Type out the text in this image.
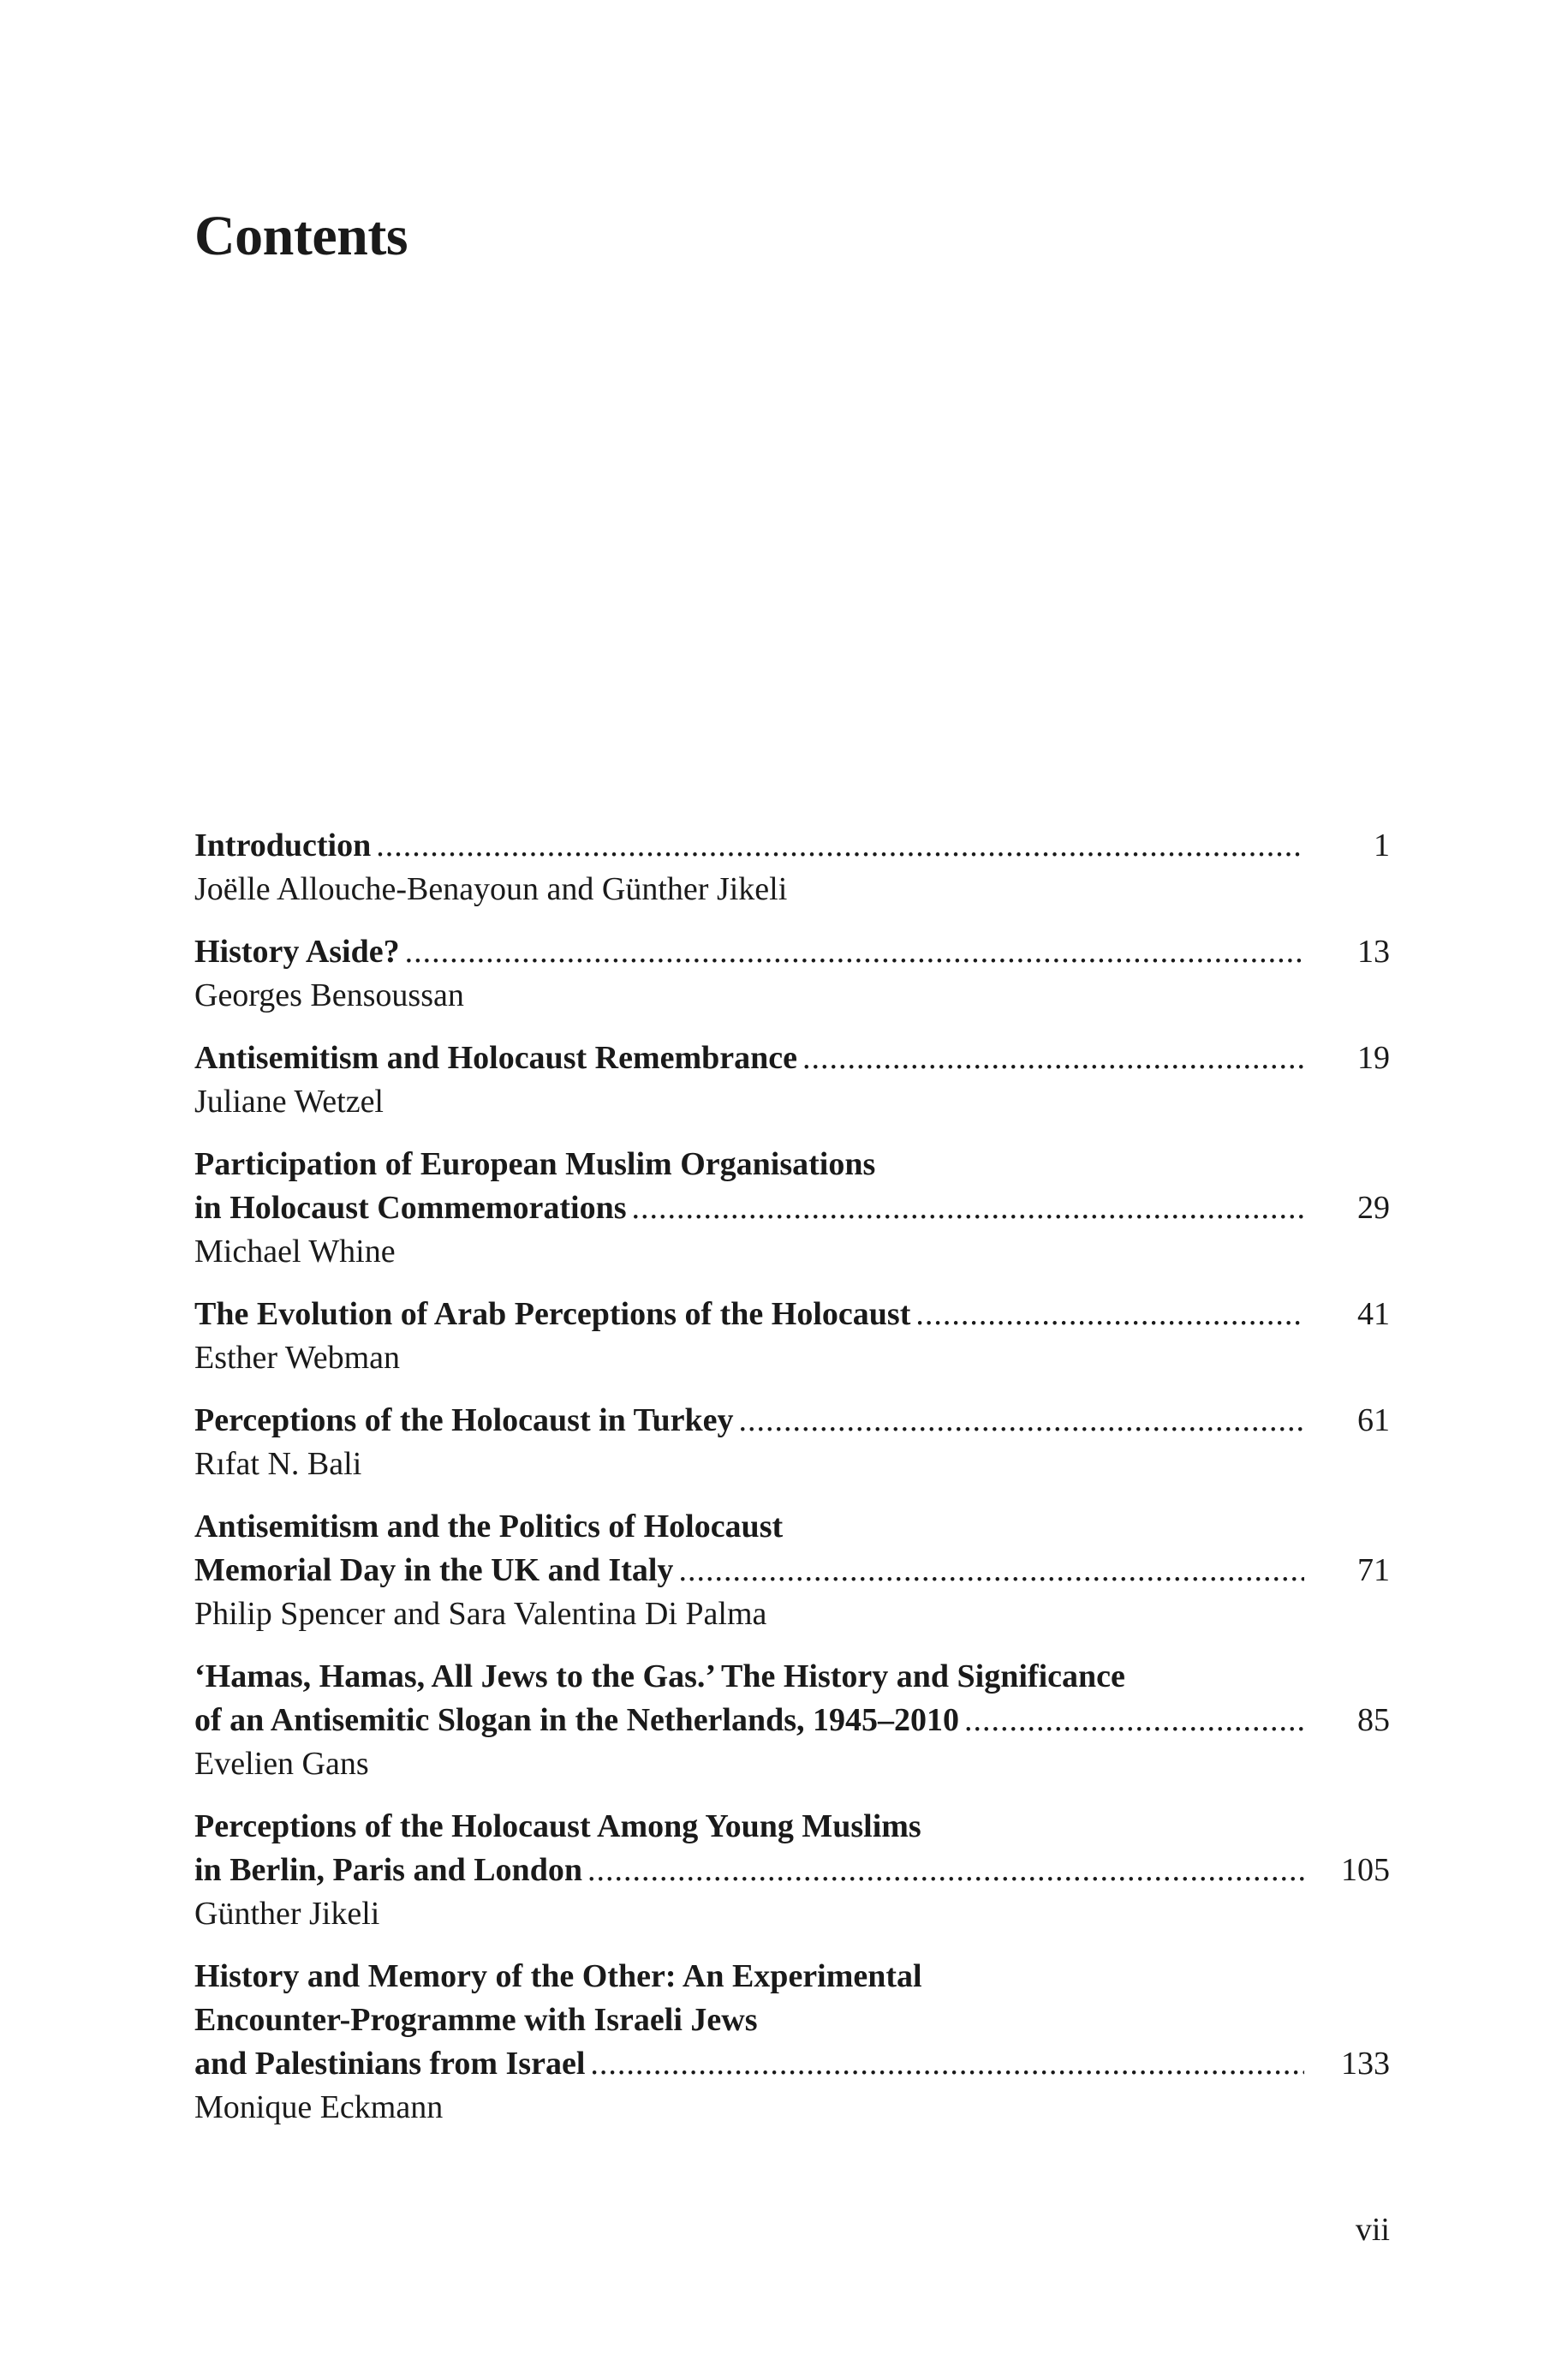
Contents
Introduction .....	1
Joëlle Allouche-Benayoun and Günther Jikeli
History Aside? .....	13
Georges Bensoussan
Antisemitism and Holocaust Remembrance .....	19
Juliane Wetzel
Participation of European Muslim Organisations
in Holocaust Commemorations .....	29
Michael Whine
The Evolution of Arab Perceptions of the Holocaust .....	41
Esther Webman
Perceptions of the Holocaust in Turkey .....	61
Rıfat N. Bali
Antisemitism and the Politics of Holocaust
Memorial Day in the UK and Italy .....	71
Philip Spencer and Sara Valentina Di Palma
‘Hamas, Hamas, All Jews to the Gas.’ The History and Significance
of an Antisemitic Slogan in the Netherlands, 1945–2010 .....	85
Evelien Gans
Perceptions of the Holocaust Among Young Muslims
in Berlin, Paris and London .....	105
Günther Jikeli
History and Memory of the Other: An Experimental
Encounter-Programme with Israeli Jews
and Palestinians from Israel .....	133
Monique Eckmann
vii
